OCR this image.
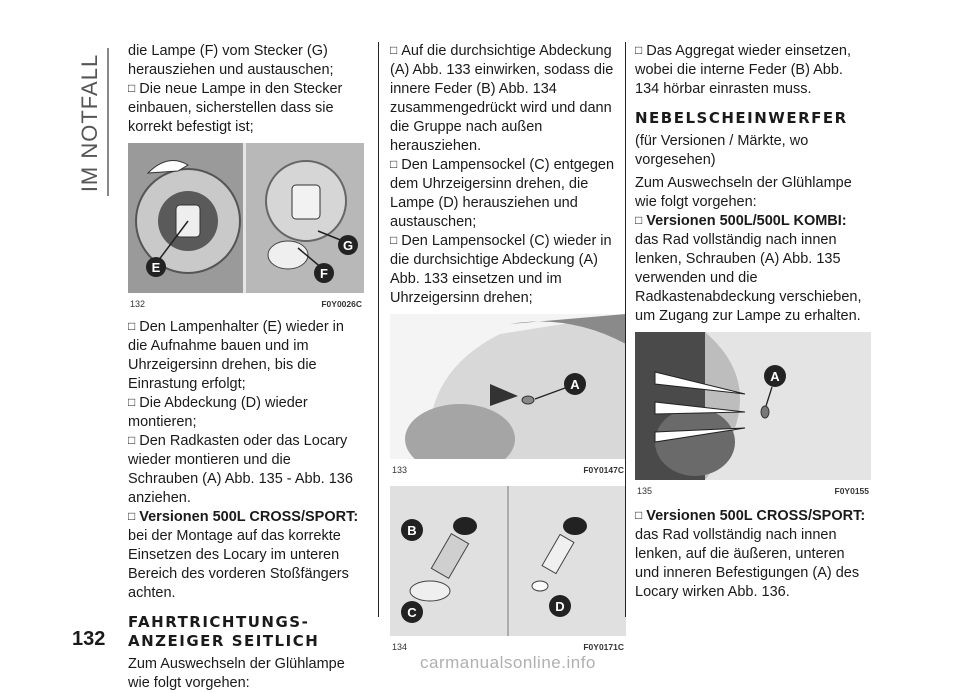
IM NOTFALL

die Lampe (F) vom Stecker (G) herausziehen und austauschen;

□ Die neue Lampe in den Stecker einbauen, sicherstellen dass sie korrekt befestigt ist;

E
G
F
132	F0Y0026C

□ Den Lampenhalter (E) wieder in die Aufnahme bauen und im Uhrzeigersinn drehen, bis die Einrastung erfolgt;

□ Die Abdeckung (D) wieder montieren;

□ Den Radkasten oder das Locary wieder montieren und die Schrauben (A) Abb. 135 - Abb. 136 anziehen.

□ Versionen 500L CROSS/SPORT:

bei der Montage auf das korrekte Einsetzen des Locary im unteren Bereich des vorderen Stoßfängers achten.

FAHRTRICHTUNGS-
ANZEIGER SEITLICH

Zum Auswechseln der Glühlampe wie folgt vorgehen:

□ Auf die durchsichtige Abdeckung (A) Abb. 133 einwirken, sodass die innere Feder (B) Abb. 134 zusammengedrückt wird und dann die Gruppe nach außen herausziehen.

□ Den Lampensockel (C) entgegen dem Uhrzeigersinn drehen, die Lampe (D) herausziehen und austauschen;

□ Den Lampensockel (C) wieder in die durchsichtige Abdeckung (A) Abb. 133 einsetzen und im Uhrzeigersinn drehen;

A
133	F0Y0147C
B
C	D
134	F0Y0171C

□ Das Aggregat wieder einsetzen, wobei die interne Feder (B) Abb. 134 hörbar einrasten muss.

NEBELSCHEINWERFER

(für Versionen / Märkte, wo vorgesehen)

Zum Auswechseln der Glühlampe wie folgt vorgehen:

□ Versionen 500L/500L KOMBI: das Rad vollständig nach innen lenken, Schrauben (A) Abb. 135 verwenden und die Radkastenabdeckung verschieben, um Zugang zur Lampe zu erhalten.

A
135	F0Y0155

□ Versionen 500L CROSS/SPORT:

das Rad vollständig nach innen lenken, auf die äußeren, unteren und inneren Befestigungen (A) des Locary wirken Abb. 136.

132
carmanualsonline.info
